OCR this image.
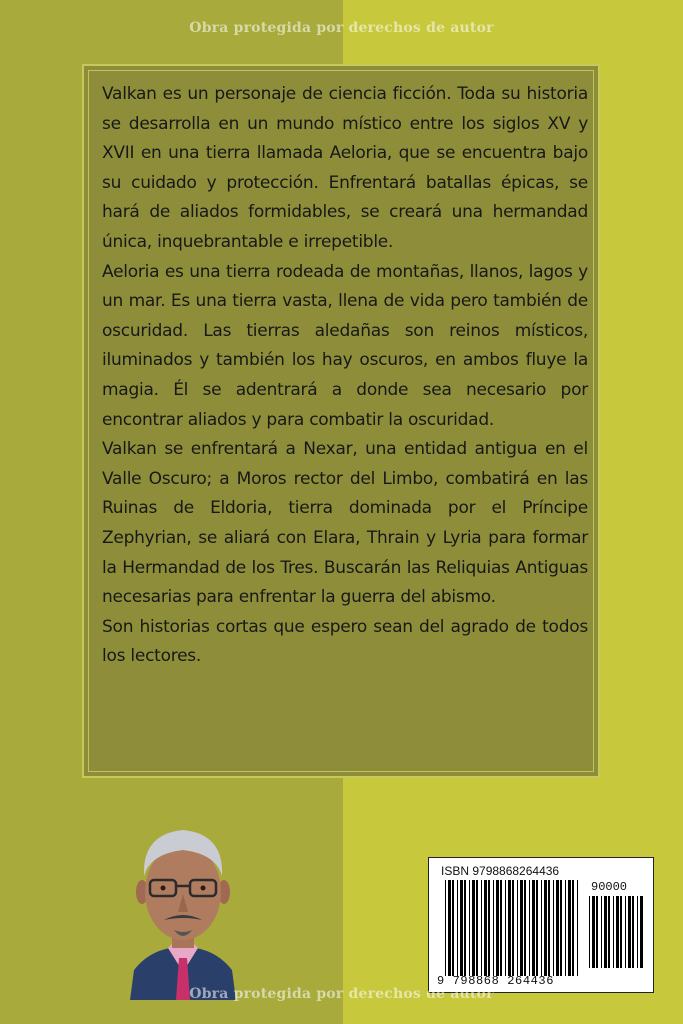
Obra protegida por derechos de autor

Valkan es un personaje de ciencia ficción. Toda su historia se desarrolla en un mundo místico entre los siglos XV y XVII en una tierra llamada Aeloria, que se encuentra bajo su cuidado y protección. Enfrentará batallas épicas, se hará de aliados formidables, se creará una hermandad única, inquebrantable e irrepetible.

Aeloria es una tierra rodeada de montañas, llanos, lagos y un mar. Es una tierra vasta, llena de vida pero también de oscuridad. Las tierras aledañas son reinos místicos, iluminados y también los hay oscuros, en ambos fluye la magia. Él se adentrará a donde sea necesario por encontrar aliados y para combatir la oscuridad.

Valkan se enfrentará a Nexar, una entidad antigua en el Valle Oscuro; a Moros rector del Limbo, combatirá en las Ruinas de Eldoria, tierra dominada por el Príncipe Zephyrian, se aliará con Elara, Thrain y Lyria para formar la Hermandad de los Tres. Buscarán las Reliquias Antiguas necesarias para enfrentar la guerra del abismo.

Son historias cortas que espero sean del agrado de todos los lectores.

ISBN 9798868264436
90000
9 798868 264436
Obra protegida por derechos de autor
